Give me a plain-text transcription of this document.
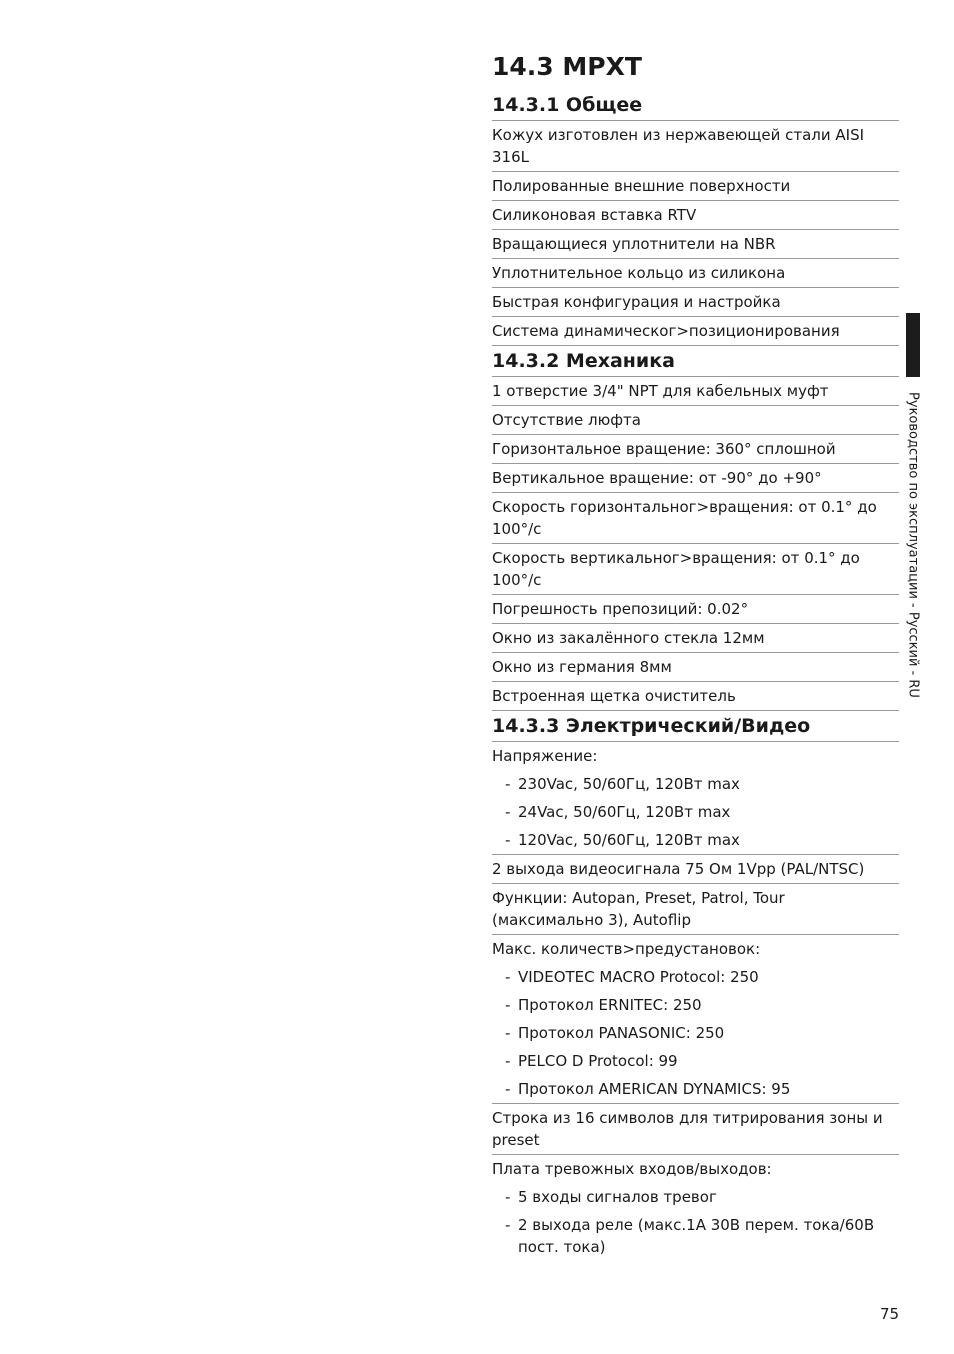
14.3 MPXT
14.3.1 Общее
Кожух изготовлен из нержавеющей стали AISI 316L
Полированные внешние поверхности
Силиконовая вставка RTV
Вращающиеся уплотнители на NBR
Уплотнительное кольцо из силикона
Быстрая конфигурация и настройка
Система динамическог>позиционирования
14.3.2 Механика
1 отверстие 3/4" NPT для кабельных муфт
Отсутствие люфта
Горизонтальное вращение: 360° сплошной
Вертикальное вращение: от -90° до +90°
Скорость горизонтальног>вращения: от 0.1° до 100°/с
Скорость вертикальног>вращения: от 0.1° до 100°/с
Погрешность препозиций: 0.02°
Окно из закалённого стекла 12мм
Окно из германия 8мм
Встроенная щетка очиститель
14.3.3 Электрический/Видео
Напряжение:
- 230Vac, 50/60Гц, 120Вт max
- 24Vac, 50/60Гц, 120Вт max
- 120Vac, 50/60Гц, 120Вт max
2 выхода видеосигнала 75 Ом 1Vpp (PAL/NTSC)
Функции: Autopan, Preset, Patrol, Tour (максимально 3), Autoflip
Макс. количеств>предустановок:
- VIDEOTEC MACRO Protocol: 250
- Протокол ERNITEC: 250
- Протокол PANASONIC: 250
- PELCO D Protocol: 99
- Протокол AMERICAN DYNAMICS: 95
Строка из 16 символов для титрирования зоны и preset
Плата тревожных входов/выходов:
- 5 входы сигналов тревог
- 2 выхода реле (макс.1А 30В перем. тока/60В пост. тока)
Руководство по эксплуатации - Русский - RU
75
